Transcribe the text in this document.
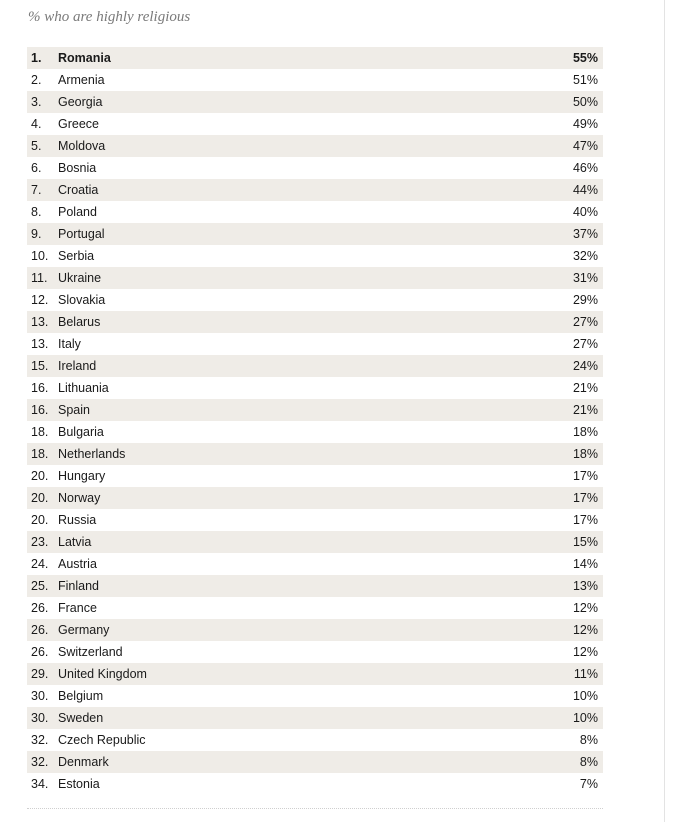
% who are highly religious
1. Romania	55%
2. Armenia	51%
3. Georgia	50%
4. Greece	49%
5. Moldova	47%
6. Bosnia	46%
7. Croatia	44%
8. Poland	40%
9. Portugal	37%
10. Serbia	32%
11. Ukraine	31%
12. Slovakia	29%
13. Belarus	27%
13. Italy	27%
15. Ireland	24%
16. Lithuania	21%
16. Spain	21%
18. Bulgaria	18%
18. Netherlands	18%
20. Hungary	17%
20. Norway	17%
20. Russia	17%
23. Latvia	15%
24. Austria	14%
25. Finland	13%
26. France	12%
26. Germany	12%
26. Switzerland	12%
29. United Kingdom	11%
30. Belgium	10%
30. Sweden	10%
32. Czech Republic	8%
32. Denmark	8%
34. Estonia	7%
